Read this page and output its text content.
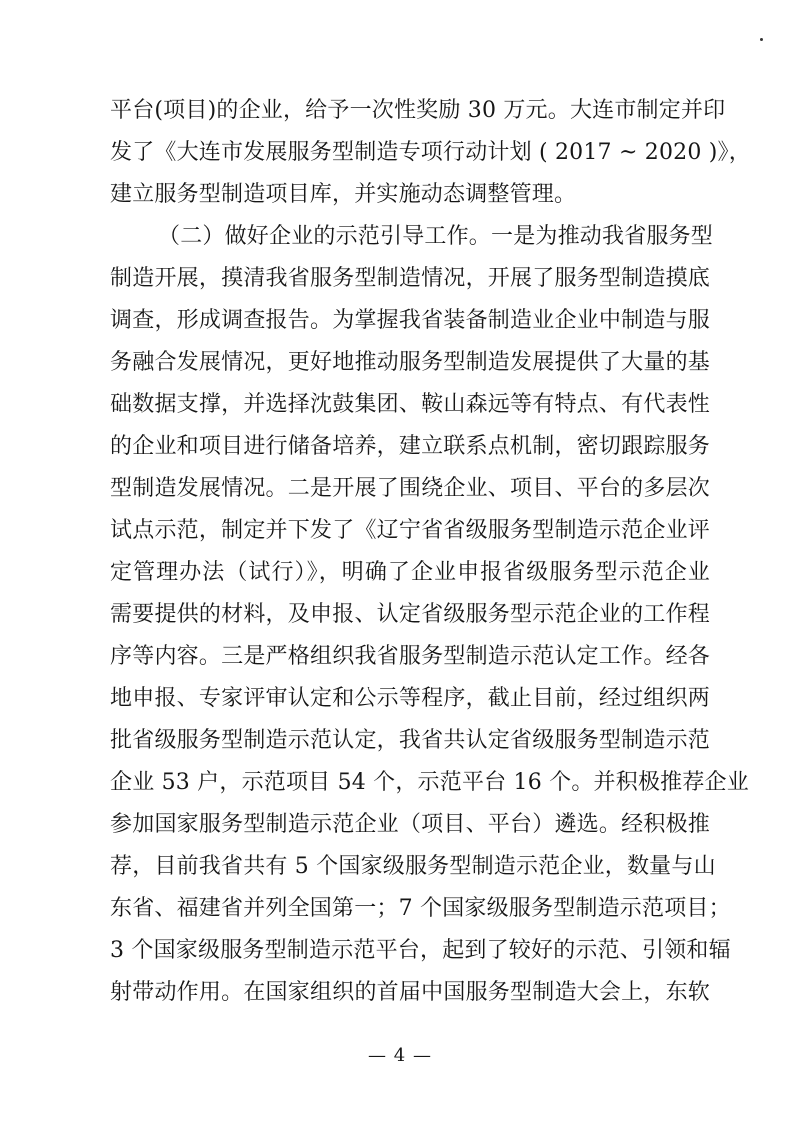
平台(项目)的企业，给予一次性奖励 30 万元。大连市制定并印
发了《大连市发展服务型制造专项行动计划 ( 2017 ~ 2020 )》，
建立服务型制造项目库，并实施动态调整管理。
（二）做好企业的示范引导工作。一是为推动我省服务型
制造开展，摸清我省服务型制造情况，开展了服务型制造摸底
调查，形成调查报告。为掌握我省装备制造业企业中制造与服
务融合发展情况，更好地推动服务型制造发展提供了大量的基
础数据支撑，并选择沈鼓集团、鞍山森远等有特点、有代表性
的企业和项目进行储备培养，建立联系点机制，密切跟踪服务
型制造发展情况。二是开展了围绕企业、项目、平台的多层次
试点示范，制定并下发了《辽宁省省级服务型制造示范企业评
定管理办法（试行）》，明确了企业申报省级服务型示范企业
需要提供的材料，及申报、认定省级服务型示范企业的工作程
序等内容。三是严格组织我省服务型制造示范认定工作。经各
地申报、专家评审认定和公示等程序，截止目前，经过组织两
批省级服务型制造示范认定，我省共认定省级服务型制造示范
企业 53 户，示范项目 54 个，示范平台 16 个。并积极推荐企业
参加国家服务型制造示范企业（项目、平台）遴选。经积极推
荐，目前我省共有 5 个国家级服务型制造示范企业，数量与山
东省、福建省并列全国第一；7 个国家级服务型制造示范项目；
3 个国家级服务型制造示范平台，起到了较好的示范、引领和辐
射带动作用。在国家组织的首届中国服务型制造大会上，东软
— 4 —
